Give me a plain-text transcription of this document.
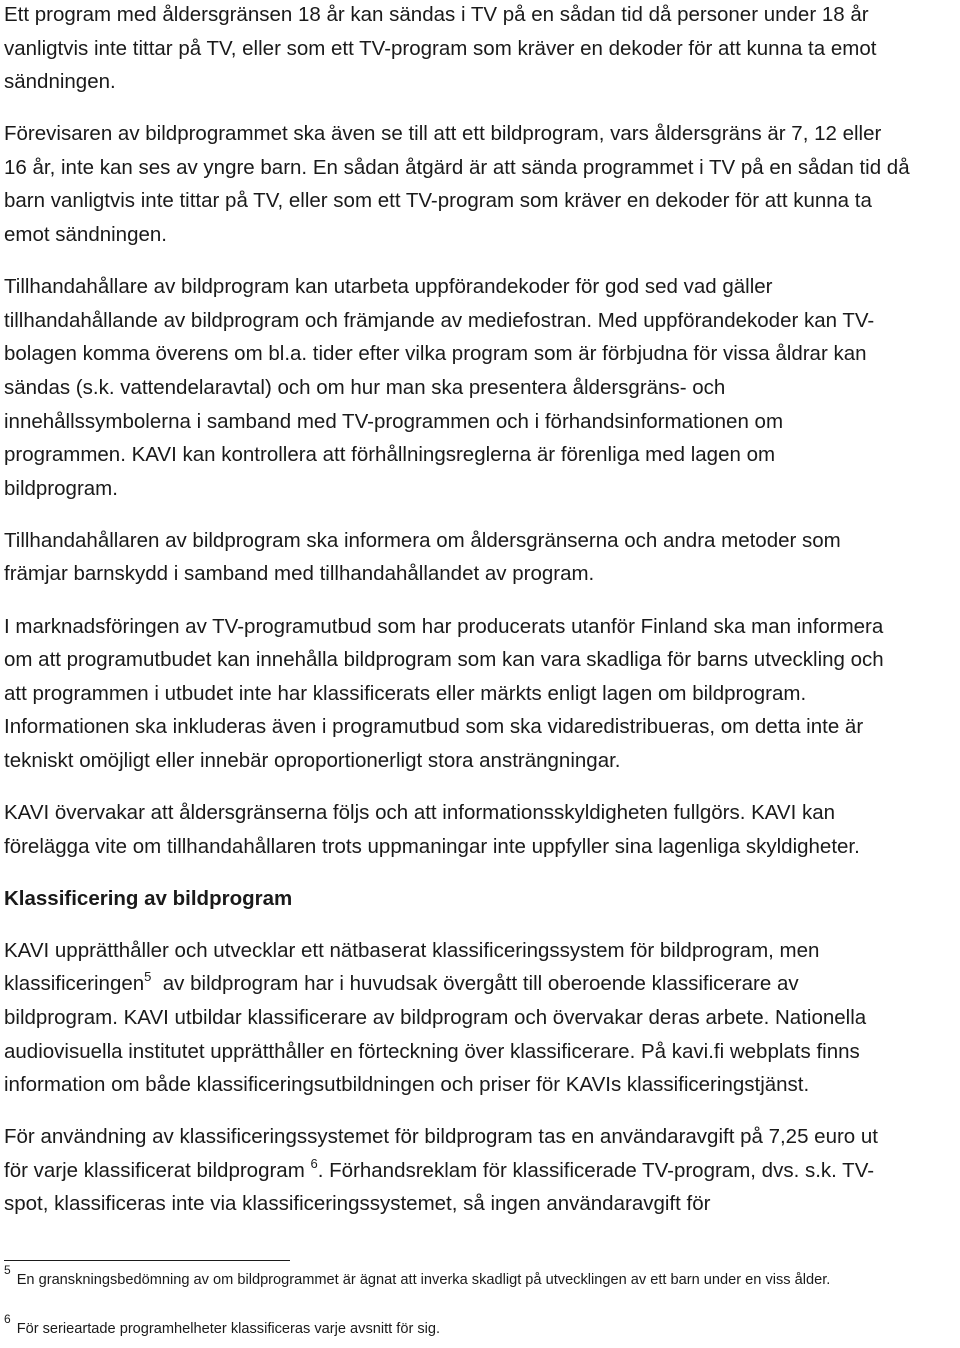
Ett program med åldersgränsen 18 år kan sändas i TV på en sådan tid då personer under 18 år
vanligtvis inte tittar på TV, eller som ett TV-program som kräver en dekoder för att kunna ta emot
sändningen.
Förevisaren av bildprogrammet ska även se till att ett bildprogram, vars åldersgräns är 7, 12 eller
16 år, inte kan ses av yngre barn. En sådan åtgärd är att sända programmet i TV på en sådan tid då
barn vanligtvis inte tittar på TV, eller som ett TV-program som kräver en dekoder för att kunna ta
emot sändningen.
Tillhandahållare av bildprogram kan utarbeta uppförandekoder för god sed vad gäller
tillhandahållande av bildprogram och främjande av mediefostran. Med uppförandekoder kan TV-
bolagen komma överens om bl.a. tider efter vilka program som är förbjudna för vissa åldrar kan
sändas (s.k. vattendelaravtal) och om hur man ska presentera åldersgräns- och
innehållssymbolerna i samband med TV-programmen och i förhandsinformationen om
programmen. KAVI kan kontrollera att förhållningsreglerna är förenliga med lagen om
bildprogram.
Tillhandahållaren av bildprogram ska informera om åldersgränserna och andra metoder som
främjar barnskydd i samband med tillhandahållandet av program.
I marknadsföringen av TV-programutbud som har producerats utanför Finland ska man informera
om att programutbudet kan innehålla bildprogram som kan vara skadliga för barns utveckling och
att programmen i utbudet inte har klassificerats eller märkts enligt lagen om bildprogram.
Informationen ska inkluderas även i programutbud som ska vidaredistribueras, om detta inte är
tekniskt omöjligt eller innebär oproportionerligt stora ansträngningar.
KAVI övervakar att åldersgränserna följs och att informationsskyldigheten fullgörs. KAVI kan
förelägga vite om tillhandahållaren trots uppmaningar inte uppfyller sina lagenliga skyldigheter.
Klassificering av bildprogram
KAVI upprätthåller och utvecklar ett nätbaserat klassificeringssystem för bildprogram, men
klassificeringen$^5$  av bildprogram har i huvudsak övergått till oberoende klassificerare av
bildprogram. KAVI utbildar klassificerare av bildprogram och övervakar deras arbete. Nationella
audiovisuella institutet upprätthåller en förteckning över klassificerare. På kavi.fi webplats finns
information om både klassificeringsutbildningen och priser för KAVIs klassificeringstjänst.
För användning av klassificeringssystemet för bildprogram tas en användaravgift på 7,25 euro ut
för varje klassificerat bildprogram $^6$. Förhandsreklam för klassificerade TV-program, dvs. s.k. TV-
spot, klassificeras inte via klassificeringssystemet, så ingen användaravgift för
$^5$En granskningsbedömning av om bildprogrammet är ägnat att inverka skadligt på utvecklingen av ett barn under en viss ålder.
$^6$För serieartade programhelheter klassificeras varje avsnitt för sig.
